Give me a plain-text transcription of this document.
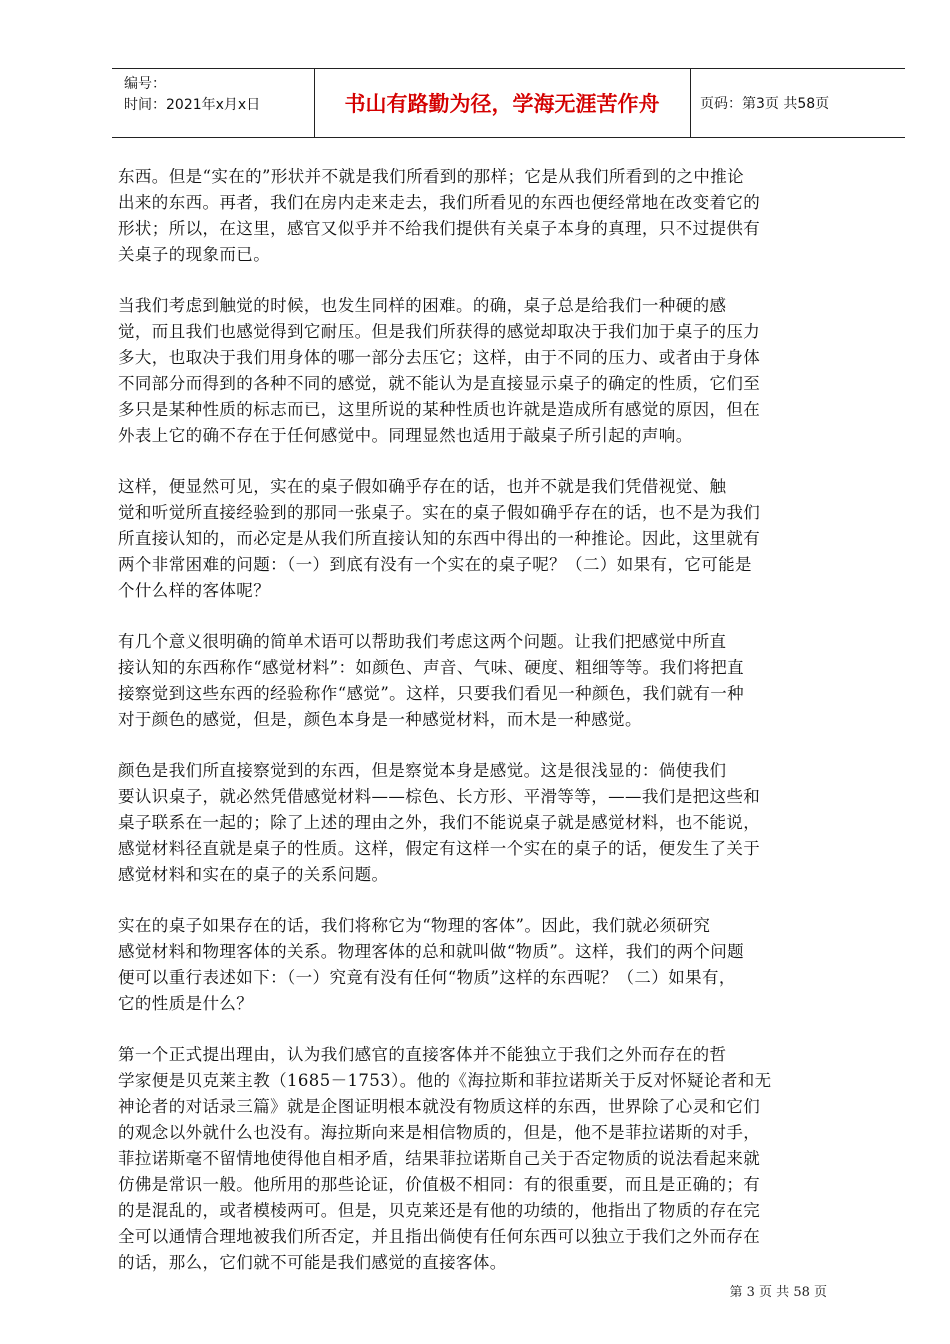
编号：
时间：2021年x月x日	书山有路勤为径，学海无涯苦作舟	页码：第3页 共58页
东西。但是“实在的”形状并不就是我们所看到的那样；它是从我们所看到的之中推论
出来的东西。再者，我们在房内走来走去，我们所看见的东西也便经常地在改变着它的
形状；所以，在这里，感官又似乎并不给我们提供有关桌子本身的真理，只不过提供有
关桌子的现象而已。
当我们考虑到触觉的时候，也发生同样的困难。的确，桌子总是给我们一种硬的感
觉，而且我们也感觉得到它耐压。但是我们所获得的感觉却取决于我们加于桌子的压力
多大，也取决于我们用身体的哪一部分去压它；这样，由于不同的压力、或者由于身体
不同部分而得到的各种不同的感觉，就不能认为是直接显示桌子的确定的性质，它们至
多只是某种性质的标志而已，这里所说的某种性质也许就是造成所有感觉的原因，但在
外表上它的确不存在于任何感觉中。同理显然也适用于敲桌子所引起的声响。
这样，便显然可见，实在的桌子假如确乎存在的话，也并不就是我们凭借视觉、触
觉和听觉所直接经验到的那同一张桌子。实在的桌子假如确乎存在的话，也不是为我们
所直接认知的，而必定是从我们所直接认知的东西中得出的一种推论。因此，这里就有
两个非常困难的问题：（一）到底有没有一个实在的桌子呢？（二）如果有，它可能是
个什么样的客体呢？
有几个意义很明确的简单术语可以帮助我们考虑这两个问题。让我们把感觉中所直
接认知的东西称作“感觉材料”：如颜色、声音、气味、硬度、粗细等等。我们将把直
接察觉到这些东西的经验称作“感觉”。这样，只要我们看见一种颜色，我们就有一种
对于颜色的感觉，但是，颜色本身是一种感觉材料，而木是一种感觉。
颜色是我们所直接察觉到的东西，但是察觉本身是感觉。这是很浅显的：倘使我们
要认识桌子，就必然凭借感觉材料——棕色、长方形、平滑等等，——我们是把这些和
桌子联系在一起的；除了上述的理由之外，我们不能说桌子就是感觉材料，也不能说，
感觉材料径直就是桌子的性质。这样，假定有这样一个实在的桌子的话，便发生了关于
感觉材料和实在的桌子的关系问题。
实在的桌子如果存在的话，我们将称它为“物理的客体”。因此，我们就必须研究
感觉材料和物理客体的关系。物理客体的总和就叫做“物质”。这样，我们的两个问题
便可以重行表述如下：（一）究竟有没有任何“物质”这样的东西呢？（二）如果有，
它的性质是什么？
第一个正式提出理由，认为我们感官的直接客体并不能独立于我们之外而存在的哲
学家便是贝克莱主教（1685－1753）。他的《海拉斯和菲拉诺斯关于反对怀疑论者和无
神论者的对话录三篇》就是企图证明根本就没有物质这样的东西，世界除了心灵和它们
的观念以外就什么也没有。海拉斯向来是相信物质的，但是，他不是菲拉诺斯的对手，
菲拉诺斯毫不留情地使得他自相矛盾，结果菲拉诺斯自己关于否定物质的说法看起来就
仿佛是常识一般。他所用的那些论证，价值极不相同：有的很重要，而且是正确的；有
的是混乱的，或者模棱两可。但是，贝克莱还是有他的功绩的，他指出了物质的存在完
全可以通情合理地被我们所否定，并且指出倘使有任何东西可以独立于我们之外而存在
的话，那么，它们就不可能是我们感觉的直接客体。
第 3 页 共 58 页
